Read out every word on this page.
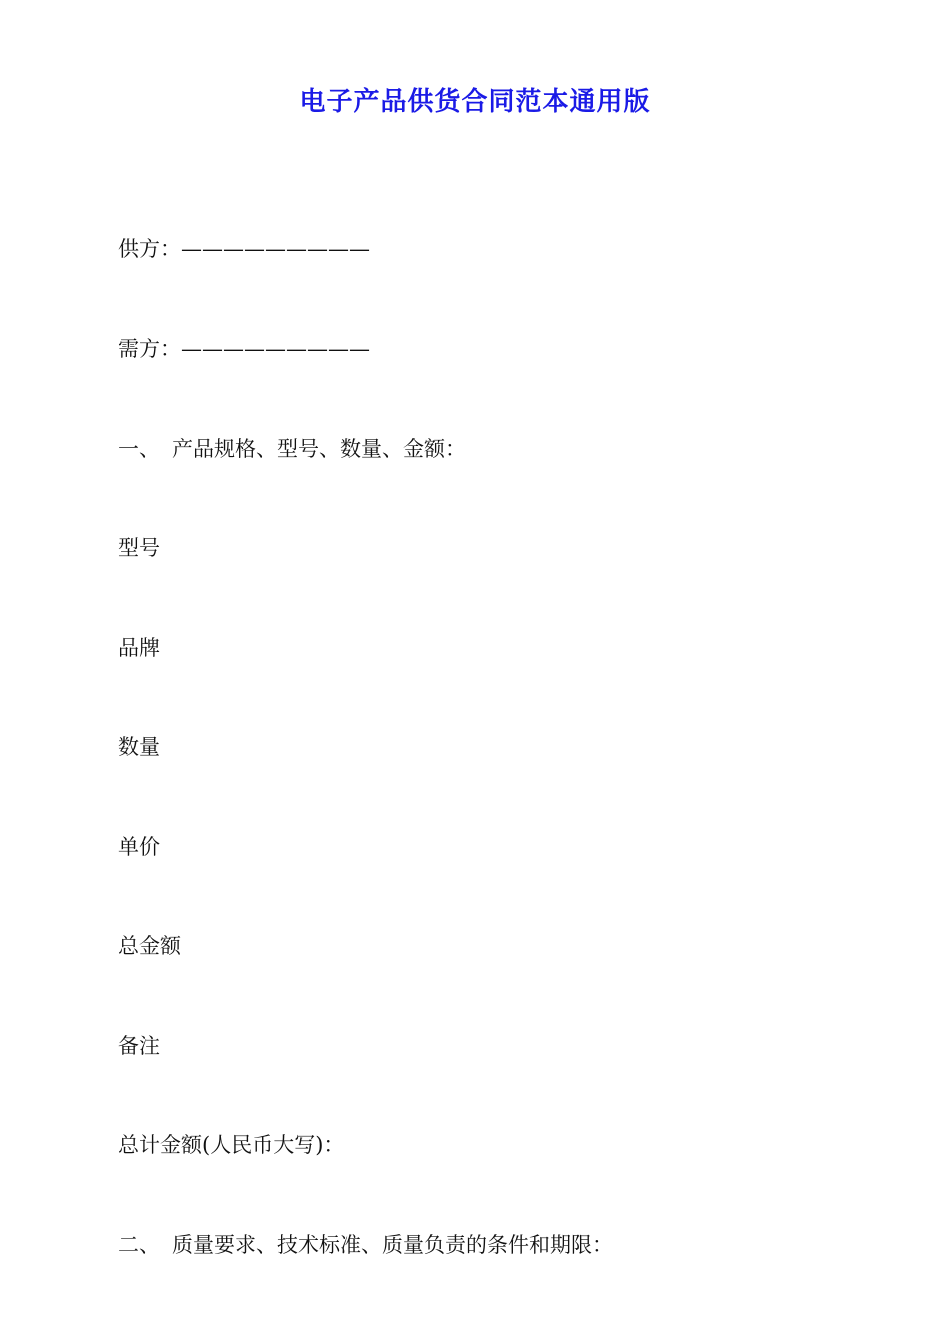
电子产品供货合同范本通用版
供方：—————————
需方：—————————
一、 产品规格、型号、数量、金额：
型号
品牌
数量
单价
总金额
备注
总计金额(人民币大写)：
二、 质量要求、技术标准、质量负责的条件和期限：
